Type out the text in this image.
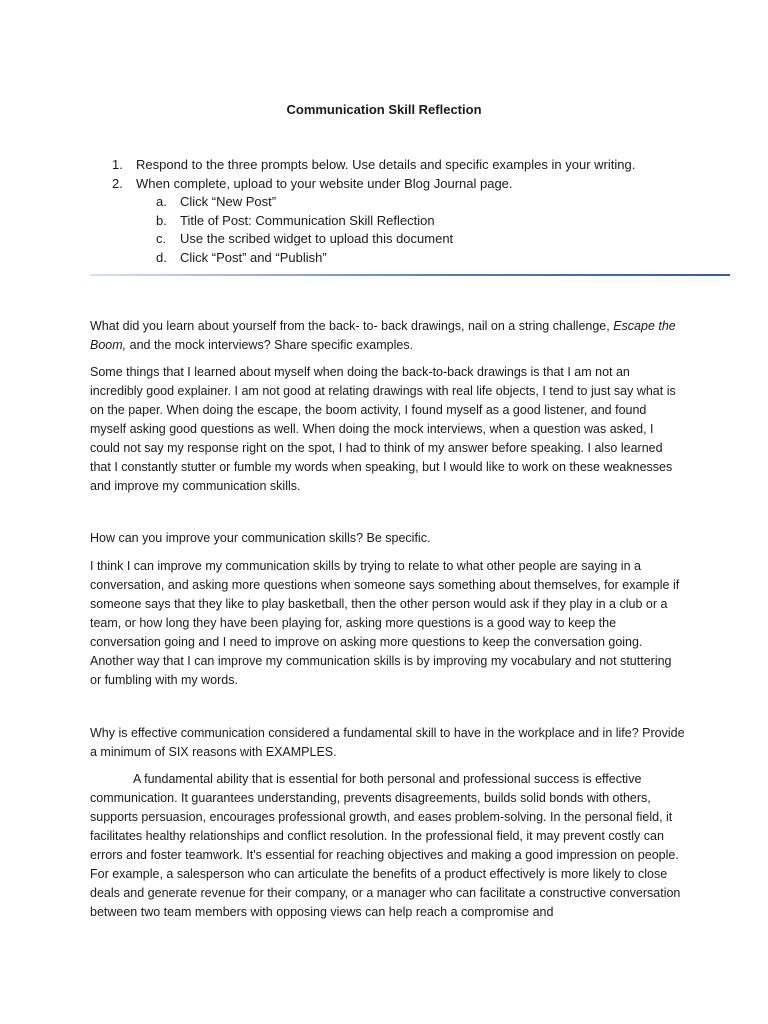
Communication Skill Reflection
1. Respond to the three prompts below. Use details and specific examples in your writing.
2. When complete, upload to your website under Blog Journal page.
a. Click “New Post”
b. Title of Post: Communication Skill Reflection
c. Use the scribed widget to upload this document
d. Click “Post” and “Publish”

What did you learn about yourself from the back- to- back drawings, nail on a string challenge, Escape the Boom, and the mock interviews? Share specific examples.

Some things that I learned about myself when doing the back-to-back drawings is that I am not an incredibly good explainer. I am not good at relating drawings with real life objects, I tend to just say what is on the paper. When doing the escape, the boom activity, I found myself as a good listener, and found myself asking good questions as well. When doing the mock interviews, when a question was asked, I could not say my response right on the spot, I had to think of my answer before speaking. I also learned that I constantly stutter or fumble my words when speaking, but I would like to work on these weaknesses and improve my communication skills.

How can you improve your communication skills? Be specific.

I think I can improve my communication skills by trying to relate to what other people are saying in a conversation, and asking more questions when someone says something about themselves, for example if someone says that they like to play basketball, then the other person would ask if they play in a club or a team, or how long they have been playing for, asking more questions is a good way to keep the conversation going and I need to improve on asking more questions to keep the conversation going. Another way that I can improve my communication skills is by improving my vocabulary and not stuttering or fumbling with my words.

Why is effective communication considered a fundamental skill to have in the workplace and in life? Provide a minimum of SIX reasons with EXAMPLES.

A fundamental ability that is essential for both personal and professional success is effective communication. It guarantees understanding, prevents disagreements, builds solid bonds with others, supports persuasion, encourages professional growth, and eases problem-solving. In the personal field, it facilitates healthy relationships and conflict resolution. In the professional field, it may prevent costly can errors and foster teamwork. It's essential for reaching objectives and making a good impression on people. For example, a salesperson who can articulate the benefits of a product effectively is more likely to close deals and generate revenue for their company, or a manager who can facilitate a constructive conversation between two team members with opposing views can help reach a compromise and
